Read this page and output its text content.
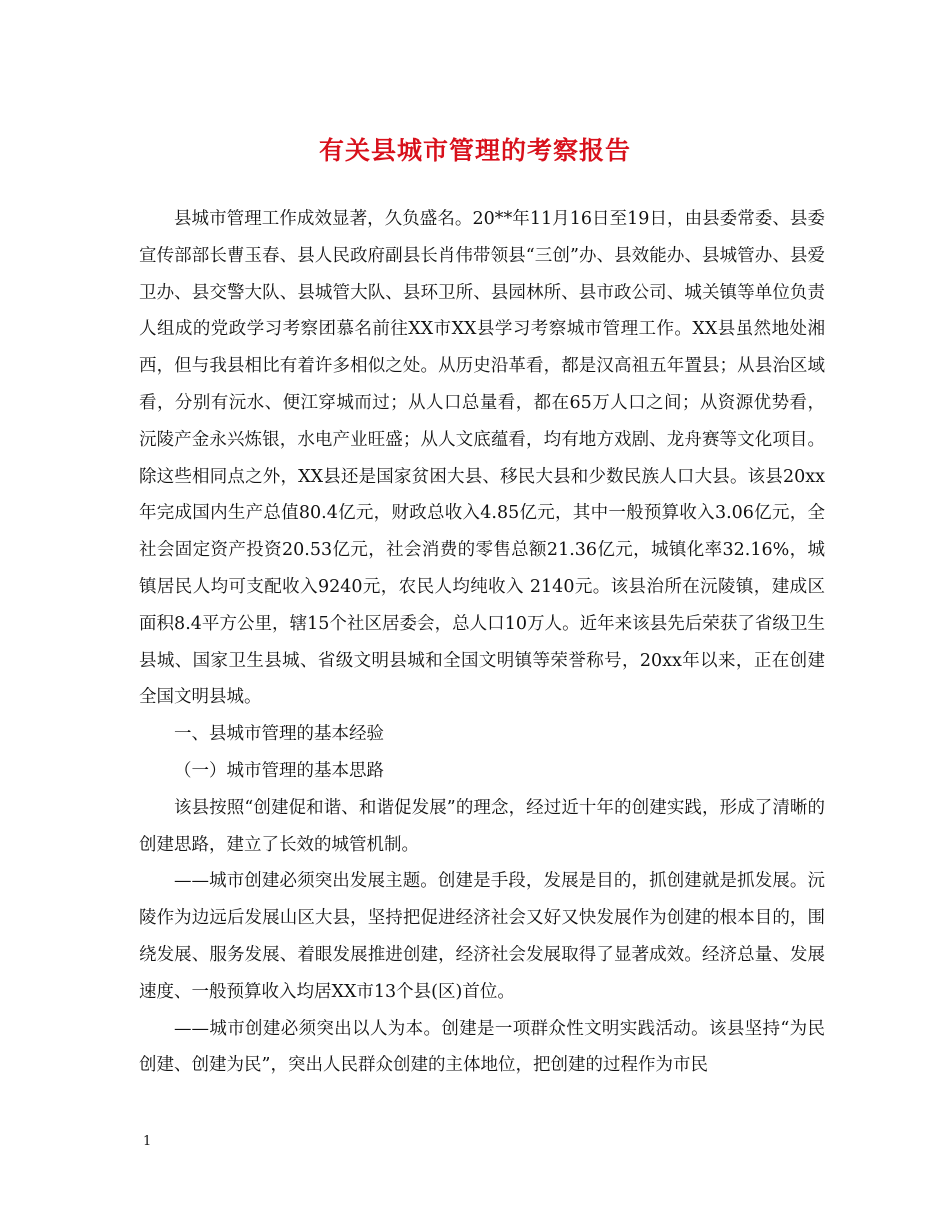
有关县城市管理的考察报告

县城市管理工作成效显著，久负盛名。20**年11月16日至19日，由县委常委、县委宣传部部长曹玉春、县人民政府副县长肖伟带领县“三创”办、县效能办、县城管办、县爱卫办、县交警大队、县城管大队、县环卫所、县园林所、县市政公司、城关镇等单位负责人组成的党政学习考察团慕名前往XX市XX县学习考察城市管理工作。XX县虽然地处湘西，但与我县相比有着许多相似之处。从历史沿革看，都是汉高祖五年置县；从县治区域看，分别有沅水、便江穿城而过；从人口总量看，都在65万人口之间；从资源优势看，沅陵产金永兴炼银，水电产业旺盛；从人文底蕴看，均有地方戏剧、龙舟赛等文化项目。除这些相同点之外，XX县还是国家贫困大县、移民大县和少数民族人口大县。该县20xx年完成国内生产总值80.4亿元，财政总收入4.85亿元，其中一般预算收入3.06亿元，全社会固定资产投资20.53亿元，社会消费的零售总额21.36亿元，城镇化率32.16%，城镇居民人均可支配收入9240元，农民人均纯收入 2140元。该县治所在沅陵镇，建成区面积8.4平方公里，辖15个社区居委会，总人口10万人。近年来该县先后荣获了省级卫生县城、国家卫生县城、省级文明县城和全国文明镇等荣誉称号，20xx年以来，正在创建全国文明县城。

一、县城市管理的基本经验

（一）城市管理的基本思路

该县按照“创建促和谐、和谐促发展”的理念，经过近十年的创建实践，形成了清晰的创建思路，建立了长效的城管机制。

——城市创建必须突出发展主题。创建是手段，发展是目的，抓创建就是抓发展。沅陵作为边远后发展山区大县，坚持把促进经济社会又好又快发展作为创建的根本目的，围绕发展、服务发展、着眼发展推进创建，经济社会发展取得了显著成效。经济总量、发展速度、一般预算收入均居XX市13个县(区)首位。

——城市创建必须突出以人为本。创建是一项群众性文明实践活动。该县坚持“为民创建、创建为民”，突出人民群众创建的主体地位，把创建的过程作为市民

1
